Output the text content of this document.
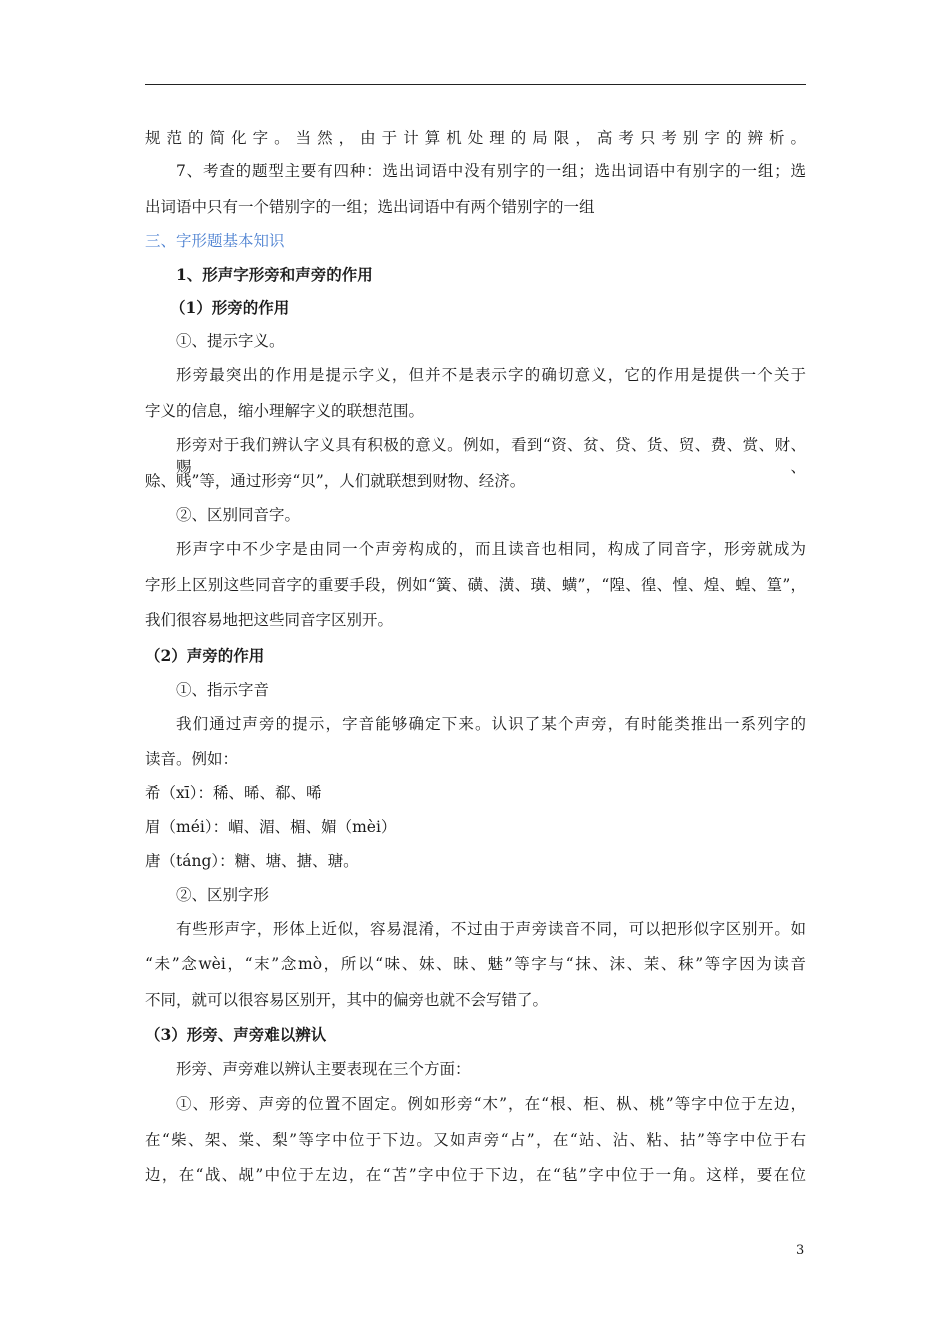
规范的简化字。当然，由于计算机处理的局限，高考只考别字的辨析。
7、考查的题型主要有四种：选出词语中没有别字的一组；选出词语中有别字的一组；选
出词语中只有一个错别字的一组；选出词语中有两个错别字的一组
三、字形题基本知识
1、形声字形旁和声旁的作用
（1）形旁的作用
①、提示字义。
形旁最突出的作用是提示字义，但并不是表示字的确切意义，它的作用是提供一个关于
字义的信息，缩小理解字义的联想范围。
形旁对于我们辨认字义具有积极的意义。例如，看到“资、贫、贷、货、贸、费、赏、财、赐、
赊、贱”等，通过形旁“贝”，人们就联想到财物、经济。
②、区别同音字。
形声字中不少字是由同一个声旁构成的，而且读音也相同，构成了同音字，形旁就成为
字形上区别这些同音字的重要手段，例如“簧、磺、潢、璜、蟥”，“隍、徨、惶、煌、蝗、篁”，
我们很容易地把这些同音字区别开。
（2）声旁的作用
①、指示字音
我们通过声旁的提示，字音能够确定下来。认识了某个声旁，有时能类推出一系列字的
读音。例如：
希（xī）：稀、晞、郗、唏
眉（méi）：嵋、湄、楣、媚（mèi）
唐（táng）：糖、塘、搪、瑭。
②、区别字形
有些形声字，形体上近似，容易混淆，不过由于声旁读音不同，可以把形似字区别开。如
“未”念wèi，“末”念mò，所以“味、妹、昧、魅”等字与“抹、沫、茉、秣”等字因为读音
不同，就可以很容易区别开，其中的偏旁也就不会写错了。
（3）形旁、声旁难以辨认
形旁、声旁难以辨认主要表现在三个方面：
①、形旁、声旁的位置不固定。例如形旁“木”，在“根、柜、枞、桃”等字中位于左边，
在“柴、架、棠、梨”等字中位于下边。又如声旁“占”，在“站、沾、粘、拈”等字中位于右
边，在“战、觇”中位于左边，在“苫”字中位于下边，在“毡”字中位于一角。这样，要在位
3
